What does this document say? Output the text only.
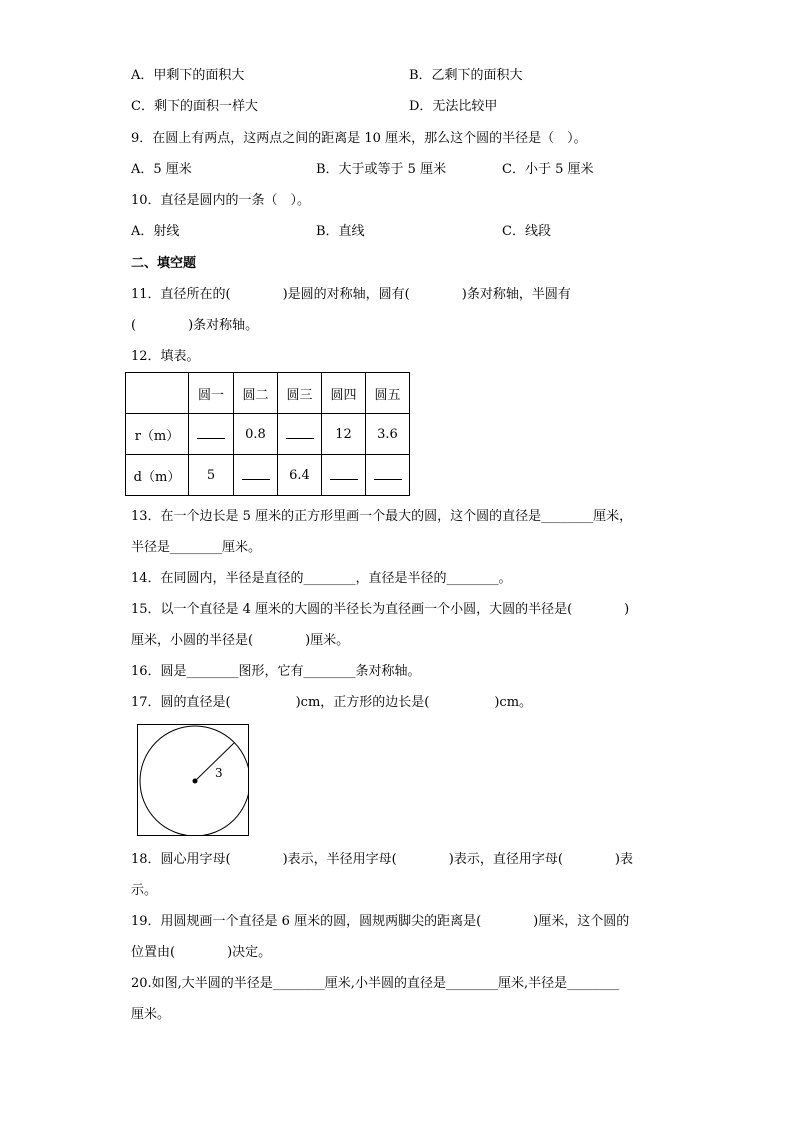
A．甲剩下的面积大	B．乙剩下的面积大
C．剩下的面积一样大	D．无法比较甲
9．在圆上有两点，这两点之间的距离是 10 厘米，那么这个圆的半径是（　）。
A．5 厘米	B．大于或等于 5 厘米	C．小于 5 厘米
10．直径是圆内的一条（　）。
A．射线	B．直线	C．线段
二、填空题
11．直径所在的(　　　　)是圆的对称轴，圆有(　　　　)条对称轴，半圆有
(　　　　)条对称轴。
12．填表。
	圆一	圆二	圆三	圆四	圆五
r（m）		0.8		12	3.6
d（m）	5		6.4		
13．在一个边长是 5 厘米的正方形里画一个最大的圆，这个圆的直径是________厘米，
半径是________厘米。
14．在同圆内，半径是直径的________，直径是半径的________。
15．以一个直径是 4 厘米的大圆的半径长为直径画一个小圆，大圆的半径是(　　　　)
厘米，小圆的半径是(　　　　)厘米。
16．圆是________图形，它有________条对称轴。
17．圆的直径是(　　　　　)cm，正方形的边长是(　　　　　)cm。
3
18．圆心用字母(　　　　)表示，半径用字母(　　　　)表示，直径用字母(　　　　)表
示。
19．用圆规画一个直径是 6 厘米的圆，圆规两脚尖的距离是(　　　　)厘米，这个圆的
位置由(　　　　)决定。
20.如图,大半圆的半径是________厘米,小半圆的直径是________厘米,半径是________
厘米。
